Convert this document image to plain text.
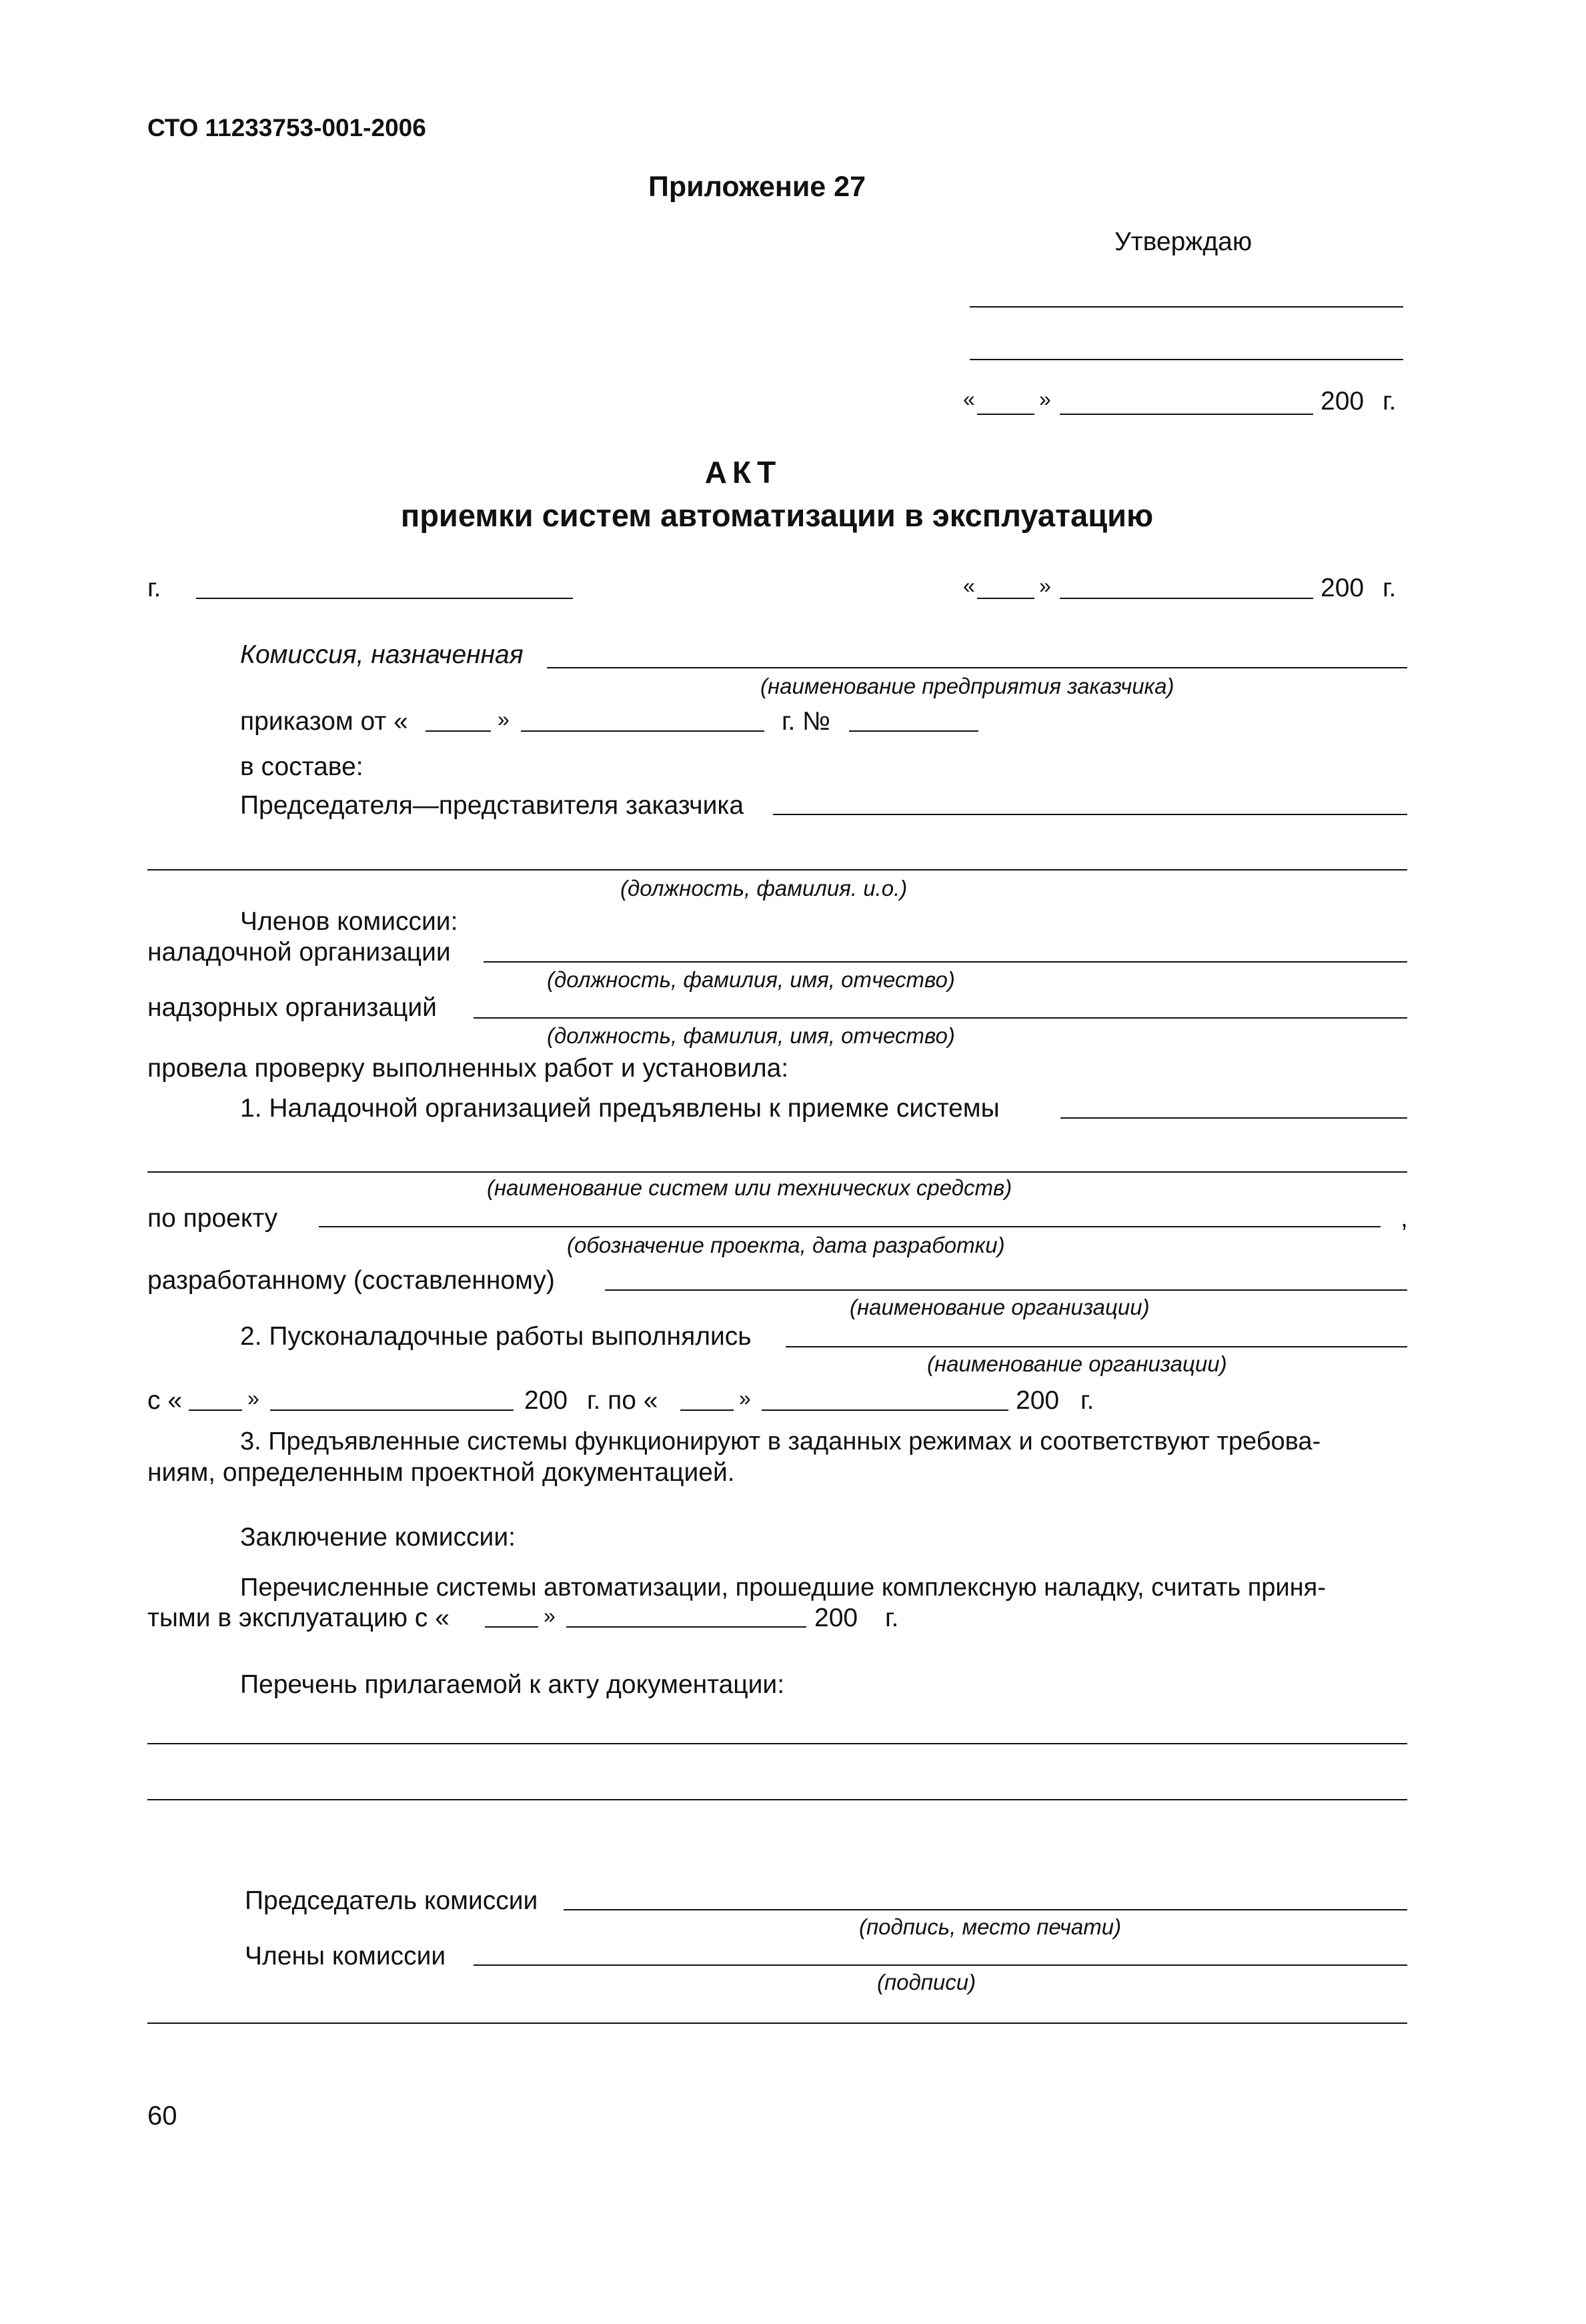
СТО 11233753-001-2006
Приложение 27
Утверждаю
«	»	200 г.
АКТ
приемки систем автоматизации в эксплуатацию
г.	«	»	200 г.
Комиссия, назначенная
(наименование предприятия заказчика)
приказом от «	»	г. №
в составе:
Председателя—представителя заказчика
(должность, фамилия. и.о.)
Членов комиссии:
наладочной организации
(должность, фамилия, имя, отчество)
надзорных организаций
(должность, фамилия, имя, отчество)
провела проверку выполненных работ и установила:
1. Наладочной организацией предъявлены к приемке системы
(наименование систем или технических средств)
по проекту	,
(обозначение проекта, дата разработки)
разработанному (составленному)
(наименование организации)
2. Пусконаладочные работы выполнялись
(наименование организации)
с «	»	200 г. по «	»	200 г.
3. Предъявленные системы функционируют в заданных режимах и соответствуют требова-
ниям, определенным проектной документацией.
Заключение комиссии:
Перечисленные системы автоматизации, прошедшие комплексную наладку, считать приня-
тыми в эксплуатацию с «	»	200 г.
Перечень прилагаемой к акту документации:
Председатель комиссии
(подпись, место печати)
Члены комиссии
(подписи)
60
